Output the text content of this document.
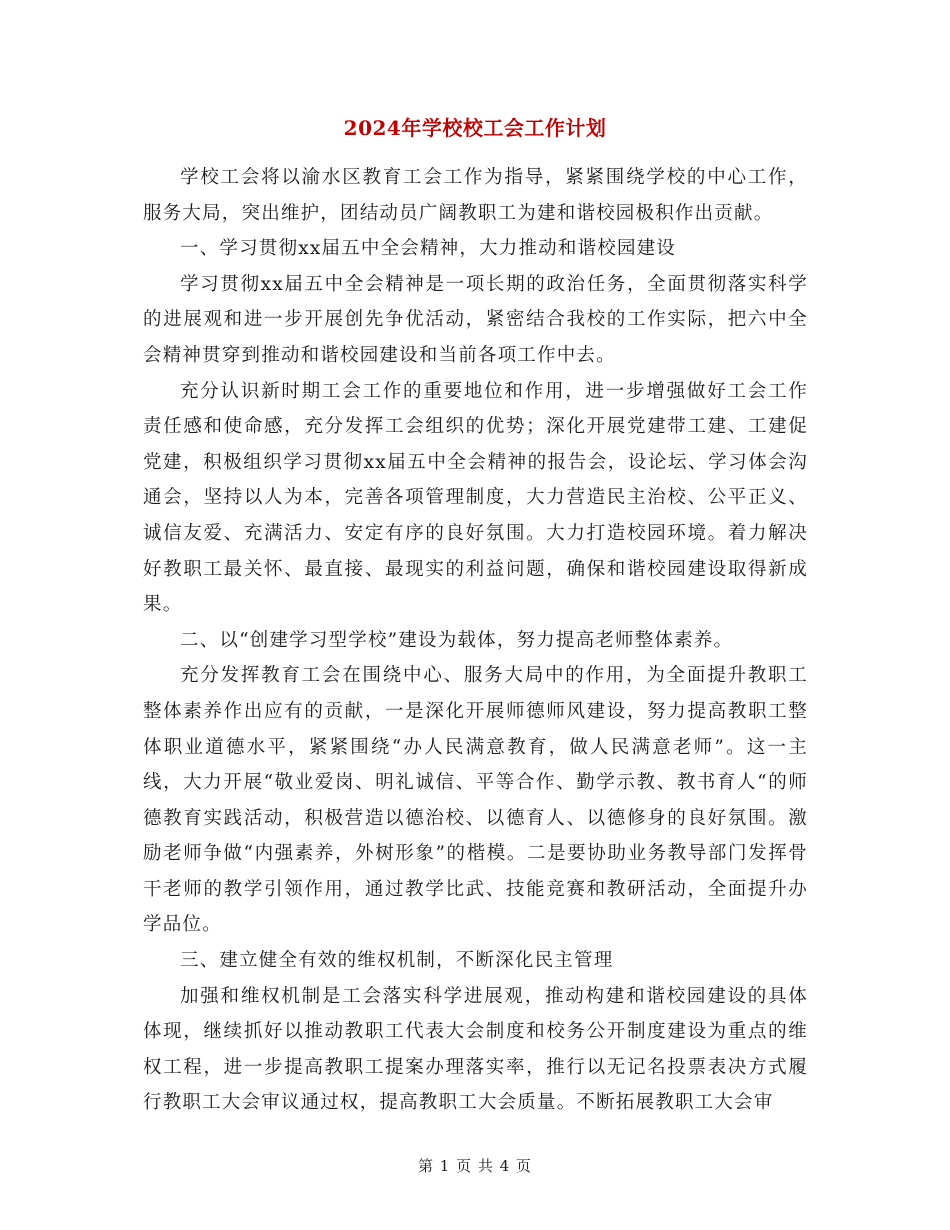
2024年学校校工会工作计划

学校工会将以渝水区教育工会工作为指导，紧紧围绕学校的中心工作，服务大局，突出维护，团结动员广阔教职工为建和谐校园极积作出贡献。

一、学习贯彻xx届五中全会精神，大力推动和谐校园建设

学习贯彻xx届五中全会精神是一项长期的政治任务，全面贯彻落实科学的进展观和进一步开展创先争优活动，紧密结合我校的工作实际，把六中全会精神贯穿到推动和谐校园建设和当前各项工作中去。

充分认识新时期工会工作的重要地位和作用，进一步增强做好工会工作责任感和使命感，充分发挥工会组织的优势；深化开展党建带工建、工建促党建，积极组织学习贯彻xx届五中全会精神的报告会，设论坛、学习体会沟通会，坚持以人为本，完善各项管理制度，大力营造民主治校、公平正义、诚信友爱、充满活力、安定有序的良好氛围。大力打造校园环境。着力解决好教职工最关怀、最直接、最现实的利益问题，确保和谐校园建设取得新成果。

二、以“创建学习型学校”建设为载体，努力提高老师整体素养。

充分发挥教育工会在围绕中心、服务大局中的作用，为全面提升教职工整体素养作出应有的贡献，一是深化开展师德师风建设，努力提高教职工整体职业道德水平，紧紧围绕“办人民满意教育，做人民满意老师”。这一主线，大力开展“敬业爱岗、明礼诚信、平等合作、勤学示教、教书育人“的师德教育实践活动，积极营造以德治校、以德育人、以德修身的良好氛围。激励老师争做“内强素养，外树形象”的楷模。二是要协助业务教导部门发挥骨干老师的教学引领作用，通过教学比武、技能竞赛和教研活动，全面提升办学品位。

三、建立健全有效的维权机制，不断深化民主管理

加强和维权机制是工会落实科学进展观，推动构建和谐校园建设的具体体现，继续抓好以推动教职工代表大会制度和校务公开制度建设为重点的维权工程，进一步提高教职工提案办理落实率，推行以无记名投票表决方式履行教职工大会审议通过权，提高教职工大会质量。不断拓展教职工大会审

第 1 页 共 4 页
